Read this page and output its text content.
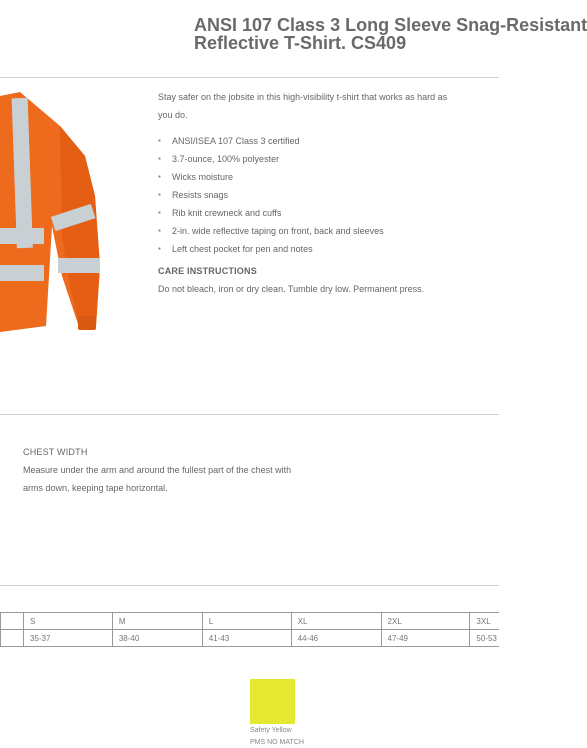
ANSI 107 Class 3 Long Sleeve Snag-Resistant
Reflective T-Shirt. CS409

Stay safer on the jobsite in this high-visibility t-shirt that works as hard as you do.

▪ ANSI/ISEA 107 Class 3 certified
▪ 3.7-ounce, 100% polyester
▪ Wicks moisture
▪ Resists snags
▪ Rib knit crewneck and cuffs
▪ 2-in. wide reflective taping on front, back and sleeves
▪ Left chest pocket for pen and notes
CARE INSTRUCTIONS

Do not bleach, iron or dry clean. Tumble dry low. Permanent press.

CHEST WIDTH
Measure under the arm and around the fullest part of the chest with arms down, keeping tape horizontal.
	S	M	L	XL	2XL	3XL
	35-37	38-40	41-43	44-46	47-49	50-53
Safety Yellow
PMS NO MATCH
